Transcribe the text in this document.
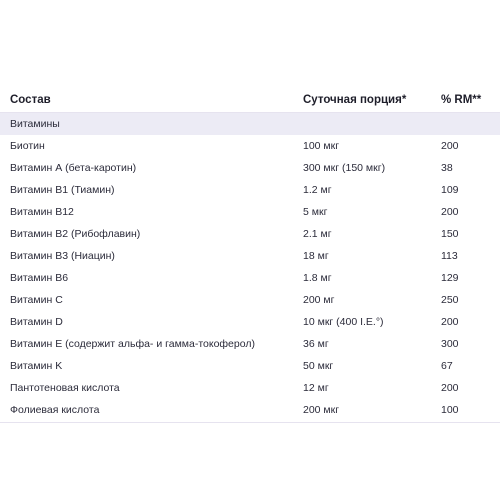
Состав	Суточная порция*	% RM**
Витамины
Биотин	100 мкг	200
Витамин А (бета-каротин)	300 мкг (150 мкг)	38
Витамин B1 (Тиамин)	1.2 мг	109
Витамин B12	5 мкг	200
Витамин B2 (Рибофлавин)	2.1 мг	150
Витамин B3 (Ниацин)	18 мг	113
Витамин B6	1.8 мг	129
Витамин C	200 мг	250
Витамин D	10 мкг (400 I.E.°)	200
Витамин E (содержит альфа- и гамма-токоферол)	36 мг	300
Витамин K	50 мкг	67
Пантотеновая кислота	12 мг	200
Фолиевая кислота	200 мкг	100
